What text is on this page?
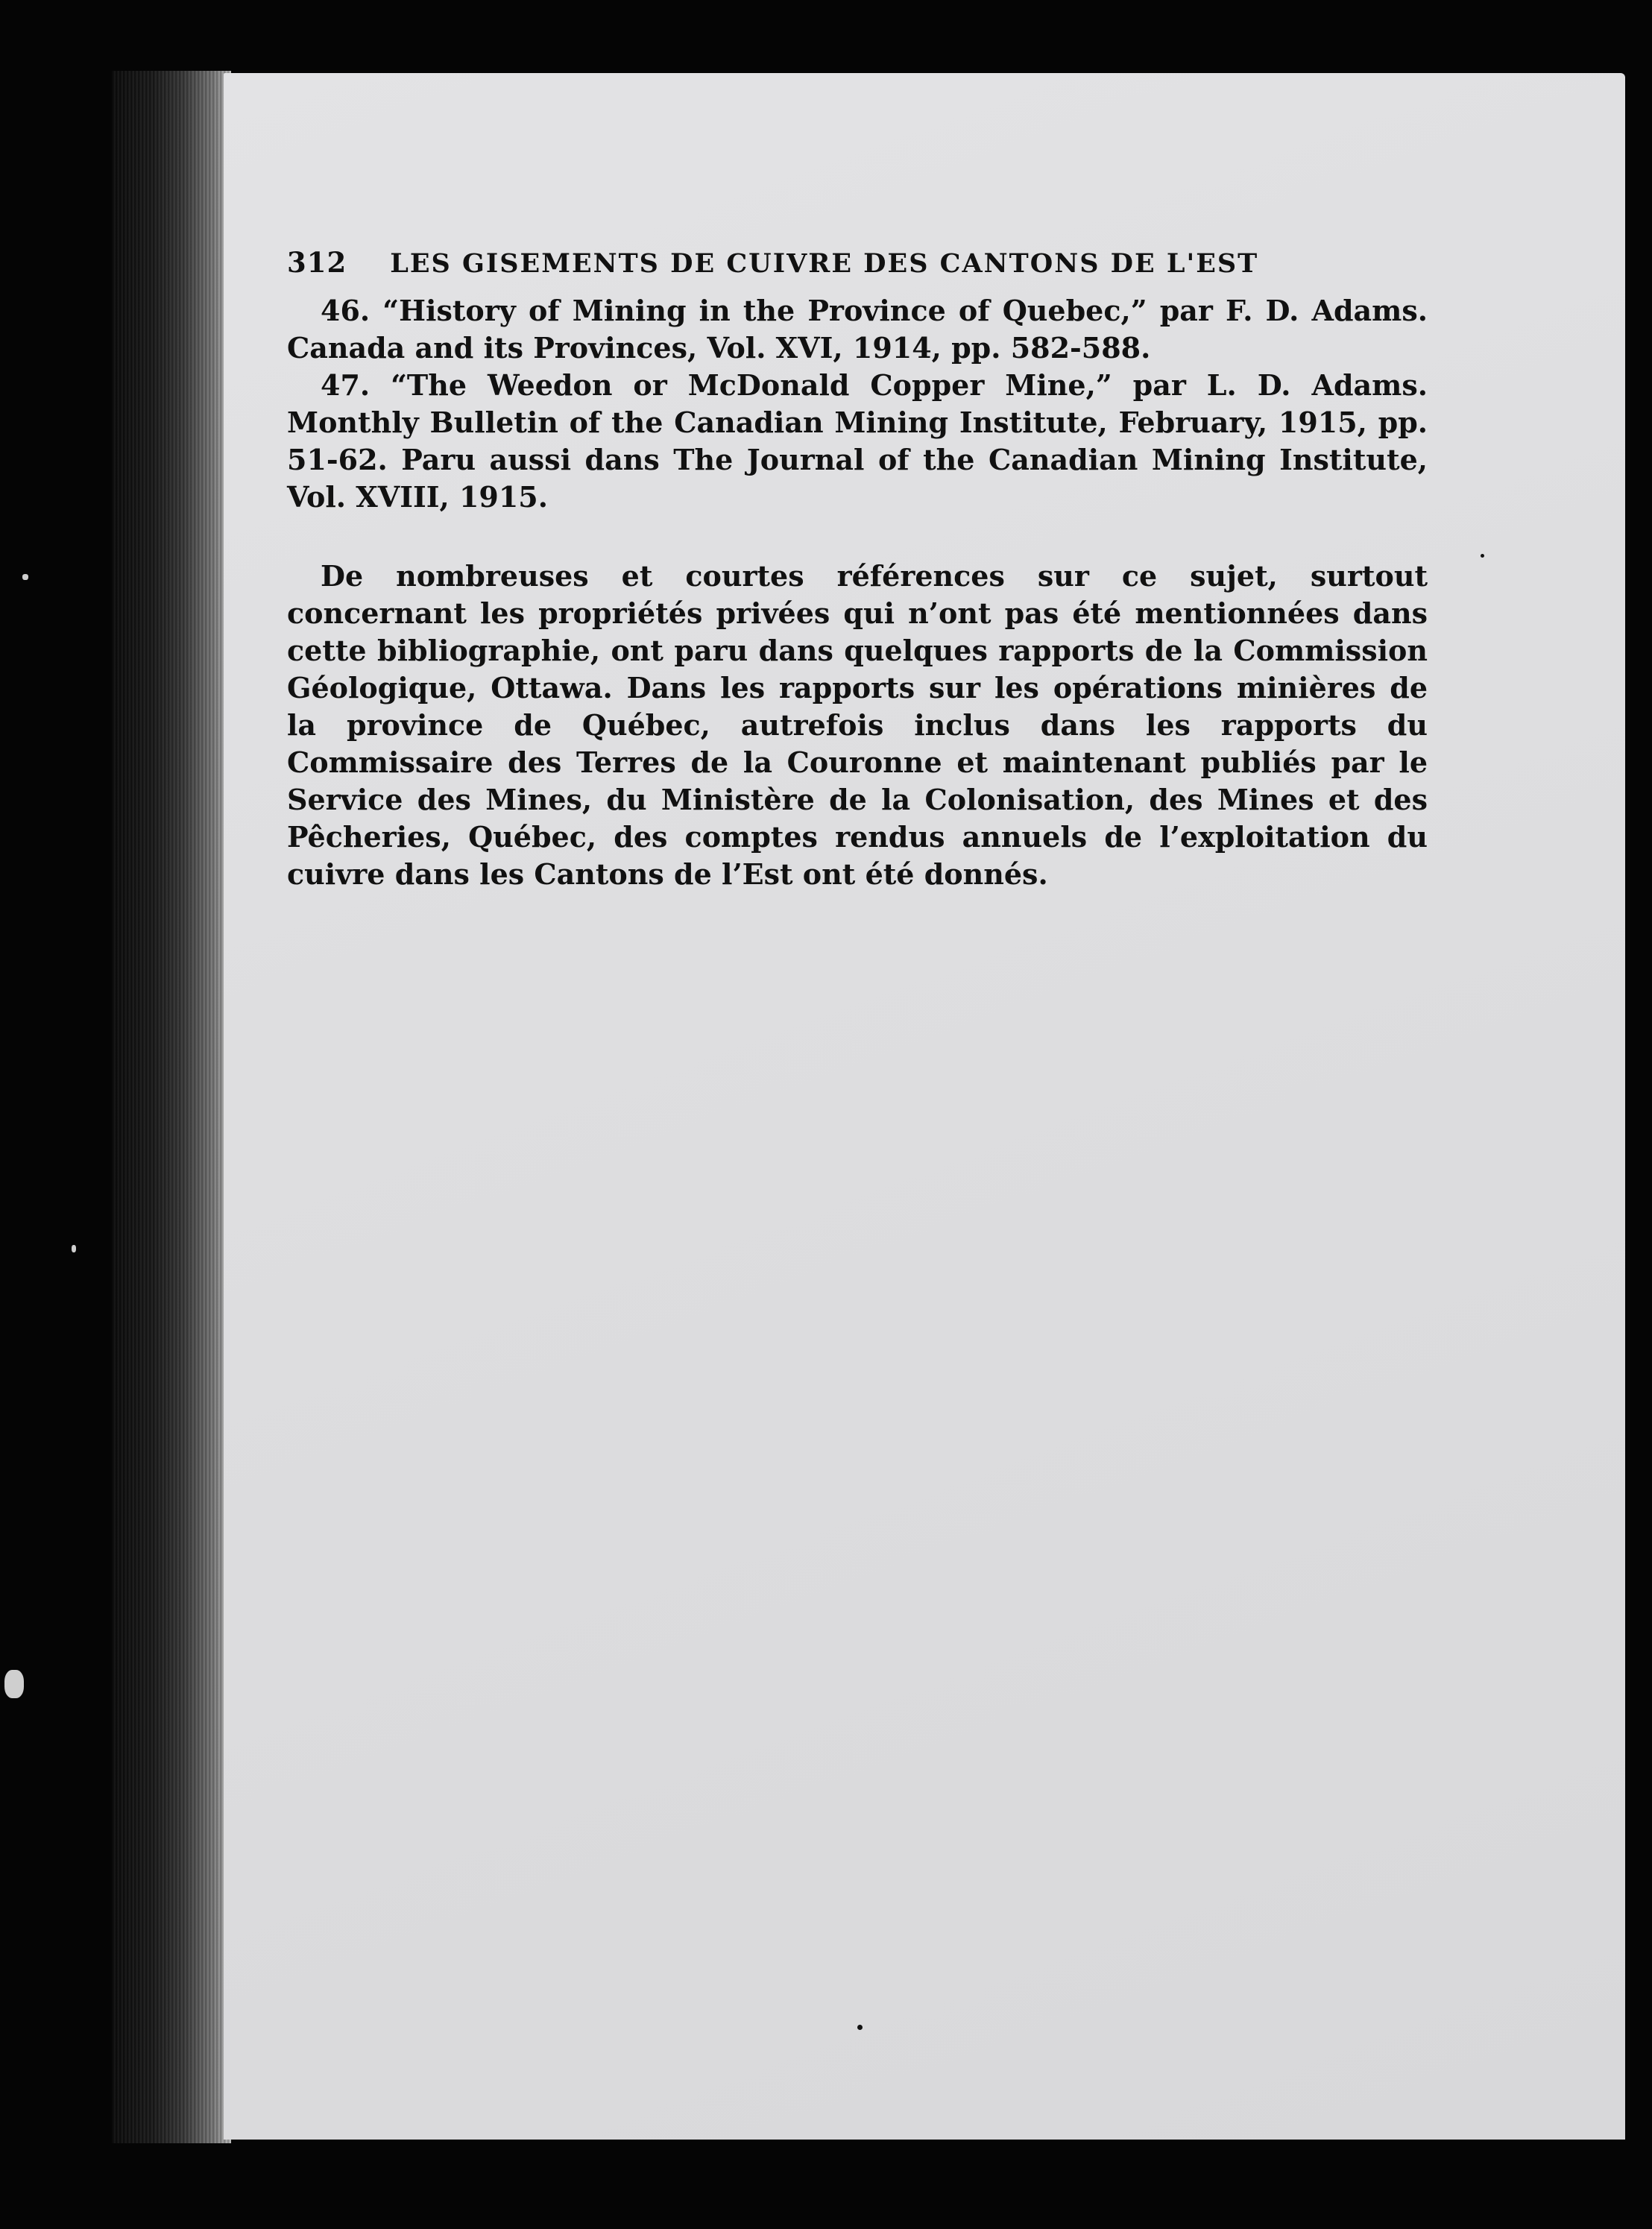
312 LES GISEMENTS DE CUIVRE DES CANTONS DE L'EST

46. “History of Mining in the Province of Quebec,” par F. D. Adams. Canada and its Provinces, Vol. XVI, 1914, pp. 582-588.

47. “The Weedon or McDonald Copper Mine,” par L. D. Adams. Monthly Bulletin of the Canadian Mining Institute, February, 1915, pp. 51-62. Paru aussi dans The Journal of the Canadian Mining Institute, Vol. XVIII, 1915.

De nombreuses et courtes références sur ce sujet, surtout concernant les propriétés privées qui n’ont pas été mentionnées dans cette bibliographie, ont paru dans quelques rapports de la Commission Géologique, Ottawa. Dans les rapports sur les opérations minières de la province de Québec, autrefois inclus dans les rapports du Commissaire des Terres de la Couronne et maintenant publiés par le Service des Mines, du Ministère de la Colonisation, des Mines et des Pêcheries, Québec, des comptes rendus annuels de l’exploitation du cuivre dans les Cantons de l’Est ont été donnés.
